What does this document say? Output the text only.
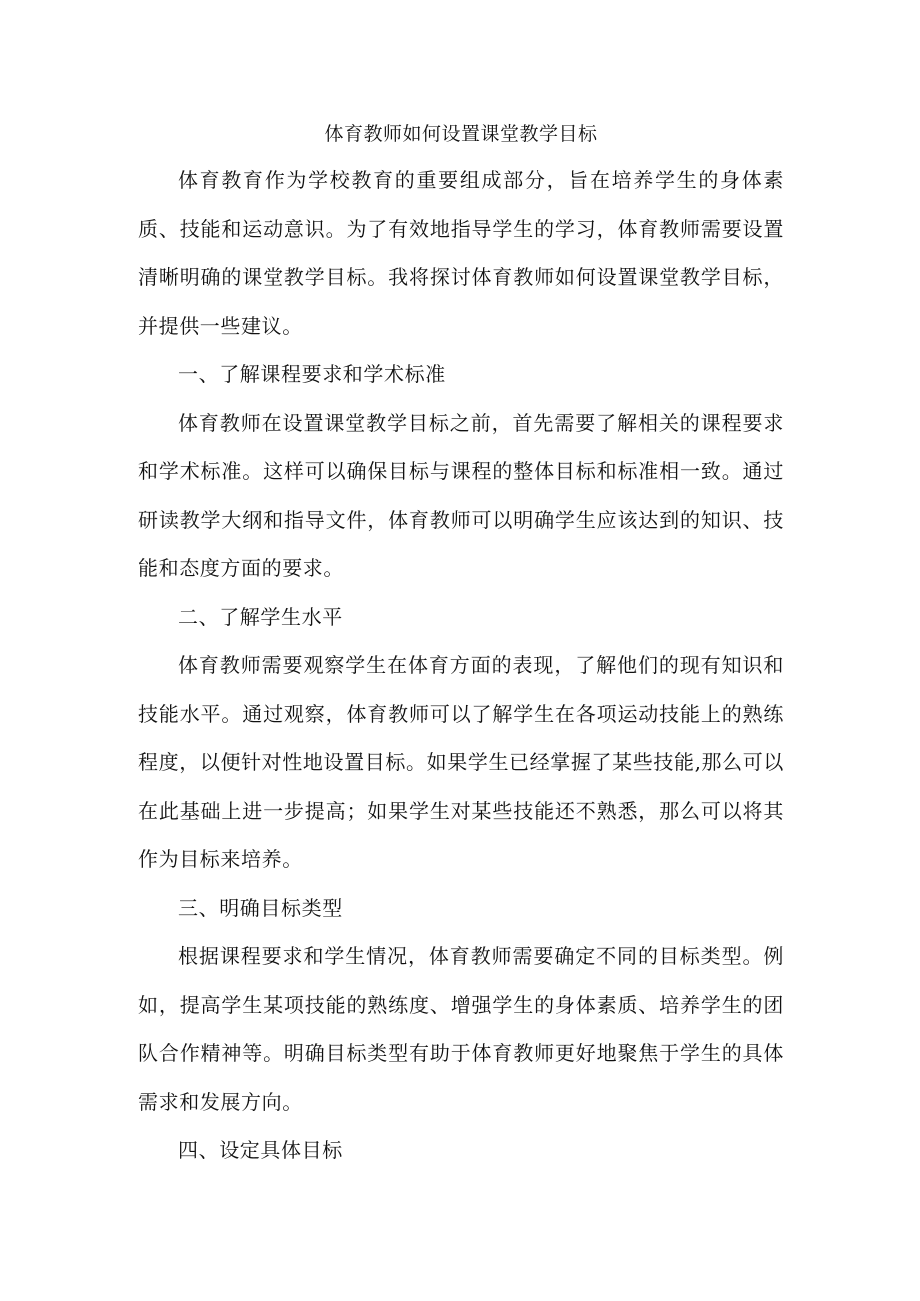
体育教师如何设置课堂教学目标

体育教育作为学校教育的重要组成部分，旨在培养学生的身体素质、技能和运动意识。为了有效地指导学生的学习，体育教师需要设置清晰明确的课堂教学目标。我将探讨体育教师如何设置课堂教学目标，并提供一些建议。

一、了解课程要求和学术标准

体育教师在设置课堂教学目标之前，首先需要了解相关的课程要求和学术标准。这样可以确保目标与课程的整体目标和标准相一致。通过研读教学大纲和指导文件，体育教师可以明确学生应该达到的知识、技能和态度方面的要求。

二、了解学生水平

体育教师需要观察学生在体育方面的表现，了解他们的现有知识和技能水平。通过观察，体育教师可以了解学生在各项运动技能上的熟练程度，以便针对性地设置目标。如果学生已经掌握了某些技能,那么可以在此基础上进一步提高；如果学生对某些技能还不熟悉，那么可以将其作为目标来培养。

三、明确目标类型

根据课程要求和学生情况，体育教师需要确定不同的目标类型。例如，提高学生某项技能的熟练度、增强学生的身体素质、培养学生的团队合作精神等。明确目标类型有助于体育教师更好地聚焦于学生的具体需求和发展方向。

四、设定具体目标
